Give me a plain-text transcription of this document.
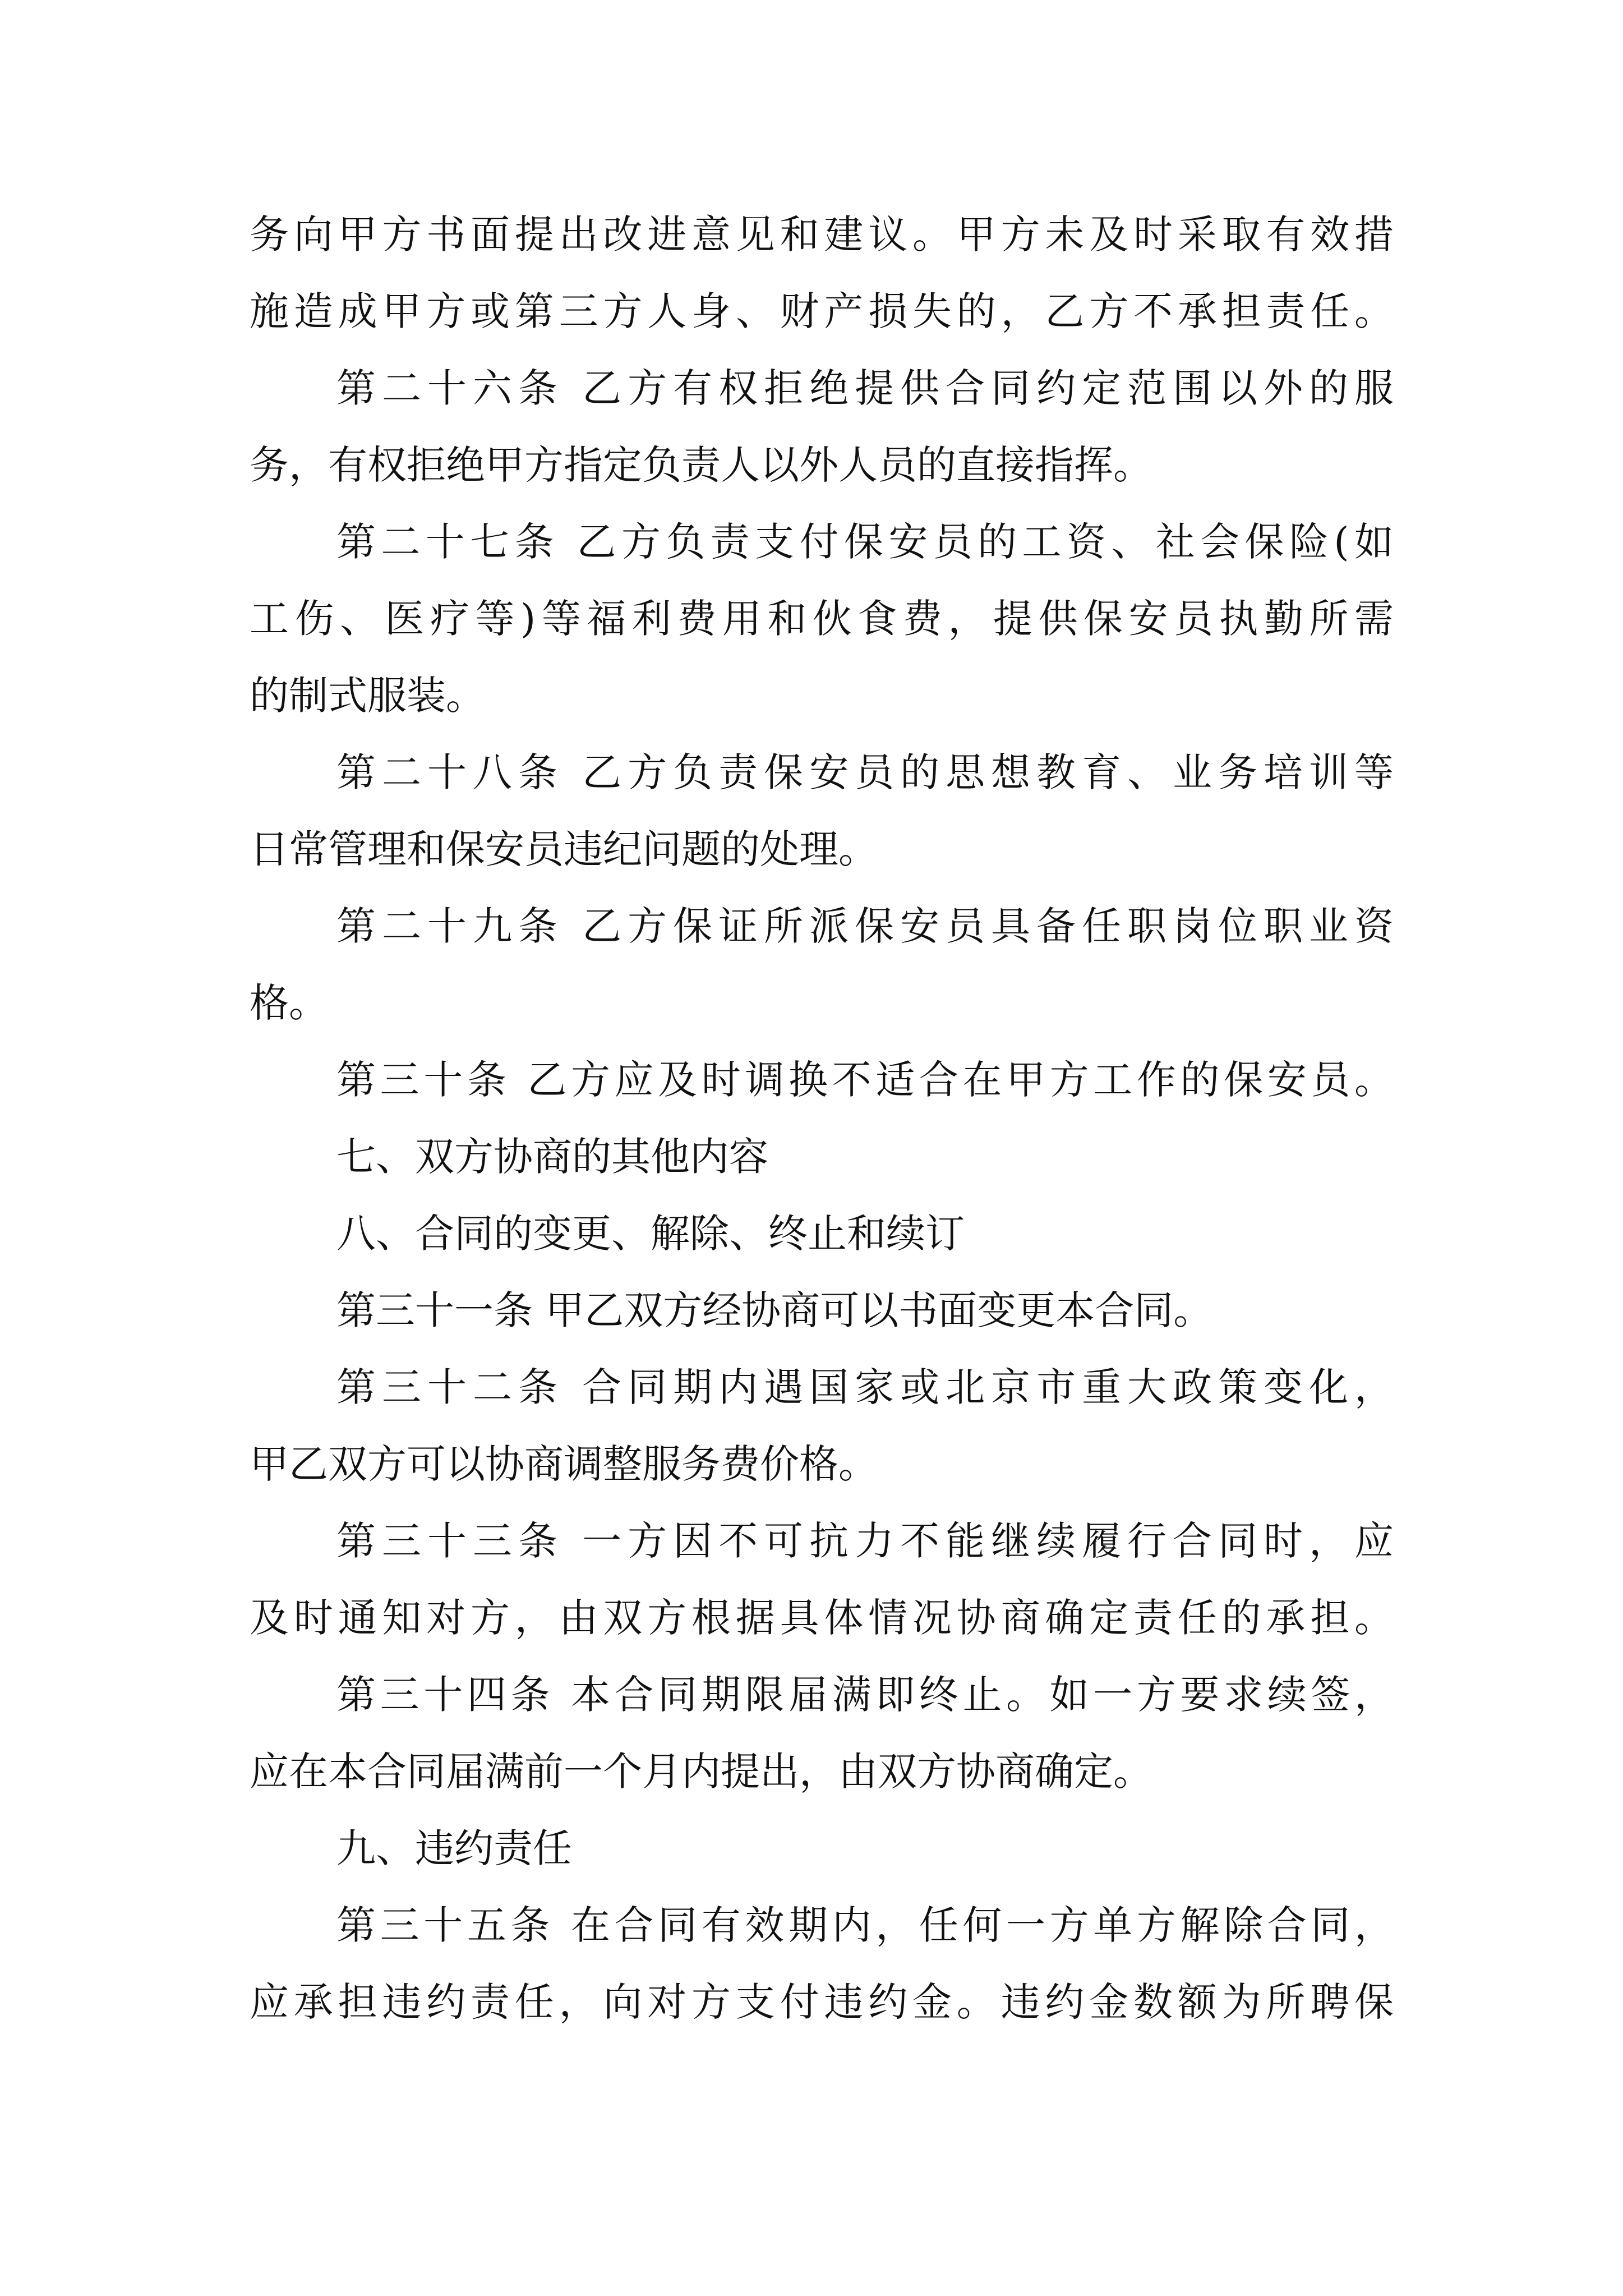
务向甲方书面提出改进意见和建议。甲方未及时采取有效措
施造成甲方或第三方人身、财产损失的，乙方不承担责任。
第二十六条 乙方有权拒绝提供合同约定范围以外的服
务，有权拒绝甲方指定负责人以外人员的直接指挥。
第二十七条 乙方负责支付保安员的工资、社会保险(如
工伤、医疗等)等福利费用和伙食费，提供保安员执勤所需
的制式服装。
第二十八条 乙方负责保安员的思想教育、业务培训等
日常管理和保安员违纪问题的处理。
第二十九条 乙方保证所派保安员具备任职岗位职业资
格。
第三十条 乙方应及时调换不适合在甲方工作的保安员。
七、双方协商的其他内容
八、合同的变更、解除、终止和续订
第三十一条 甲乙双方经协商可以书面变更本合同。
第三十二条 合同期内遇国家或北京市重大政策变化，
甲乙双方可以协商调整服务费价格。
第三十三条 一方因不可抗力不能继续履行合同时，应
及时通知对方，由双方根据具体情况协商确定责任的承担。
第三十四条 本合同期限届满即终止。如一方要求续签，
应在本合同届满前一个月内提出，由双方协商确定。
九、违约责任
第三十五条 在合同有效期内，任何一方单方解除合同，
应承担违约责任，向对方支付违约金。违约金数额为所聘保
